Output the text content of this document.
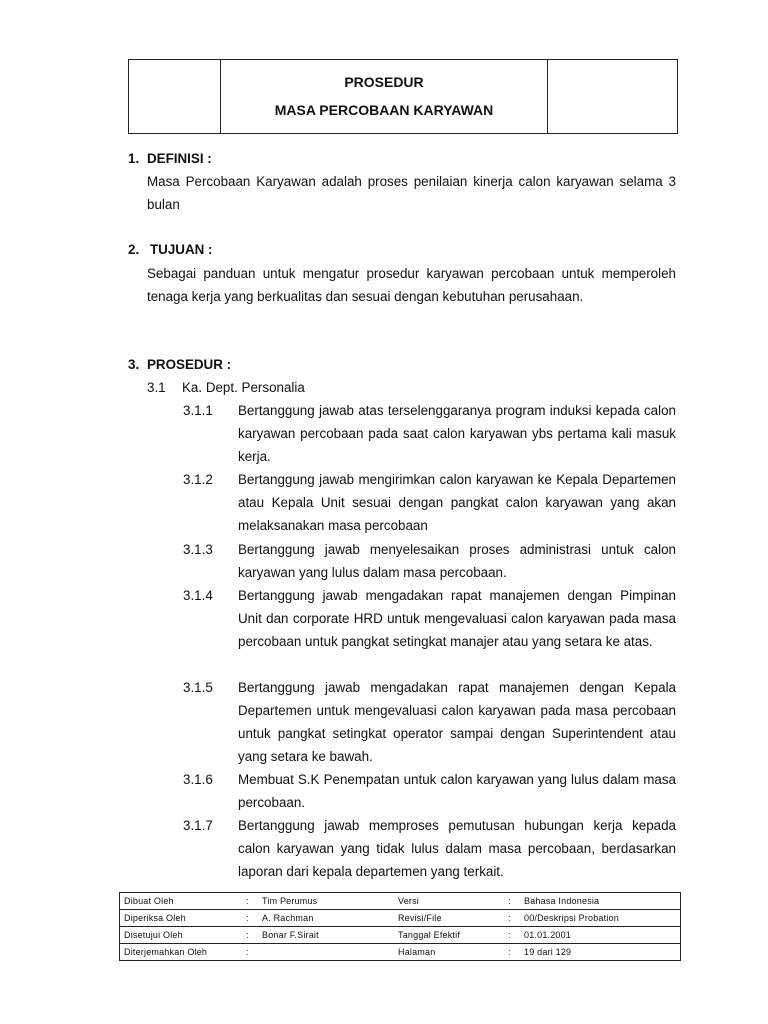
PROSEDUR
MASA PERCOBAAN KARYAWAN
1. DEFINISI :
Masa Percobaan Karyawan adalah proses penilaian kinerja calon karyawan selama 3 bulan
2. TUJUAN :
Sebagai panduan untuk mengatur prosedur karyawan percobaan untuk memperoleh tenaga kerja yang berkualitas dan sesuai dengan kebutuhan perusahaan.
3. PROSEDUR :
3.1 Ka. Dept. Personalia
3.1.1 Bertanggung jawab atas terselenggaranya program induksi kepada calon karyawan percobaan pada saat calon karyawan ybs pertama kali masuk kerja.
3.1.2 Bertanggung jawab mengirimkan calon karyawan ke Kepala Departemen atau Kepala Unit sesuai dengan pangkat calon karyawan yang akan melaksanakan masa percobaan
3.1.3 Bertanggung jawab menyelesaikan proses administrasi untuk calon karyawan yang lulus dalam masa percobaan.
3.1.4 Bertanggung jawab mengadakan rapat manajemen dengan Pimpinan Unit dan corporate HRD untuk mengevaluasi calon karyawan pada masa percobaan untuk pangkat setingkat manajer atau yang setara ke atas.
3.1.5 Bertanggung jawab mengadakan rapat manajemen dengan Kepala Departemen untuk mengevaluasi calon karyawan pada masa percobaan untuk pangkat setingkat operator sampai dengan Superintendent atau yang setara ke bawah.
3.1.6 Membuat S.K Penempatan untuk calon karyawan yang lulus dalam masa percobaan.
3.1.7 Bertanggung jawab memproses pemutusan hubungan kerja kepada calon karyawan yang tidak lulus dalam masa percobaan, berdasarkan laporan dari kepala departemen yang terkait.
Dibuat Oleh	:	Tim Perumus	Versi	:	Bahasa Indonesia
Diperiksa Oleh	:	A. Rachman	Revisi/File	:	00/Deskripsi Probation
Disetujui Oleh	:	Bonar F.Sirait	Tanggal Efektif	:	01.01.2001
Diterjemahkan Oleh	:		Halaman	:	19 dari 129
